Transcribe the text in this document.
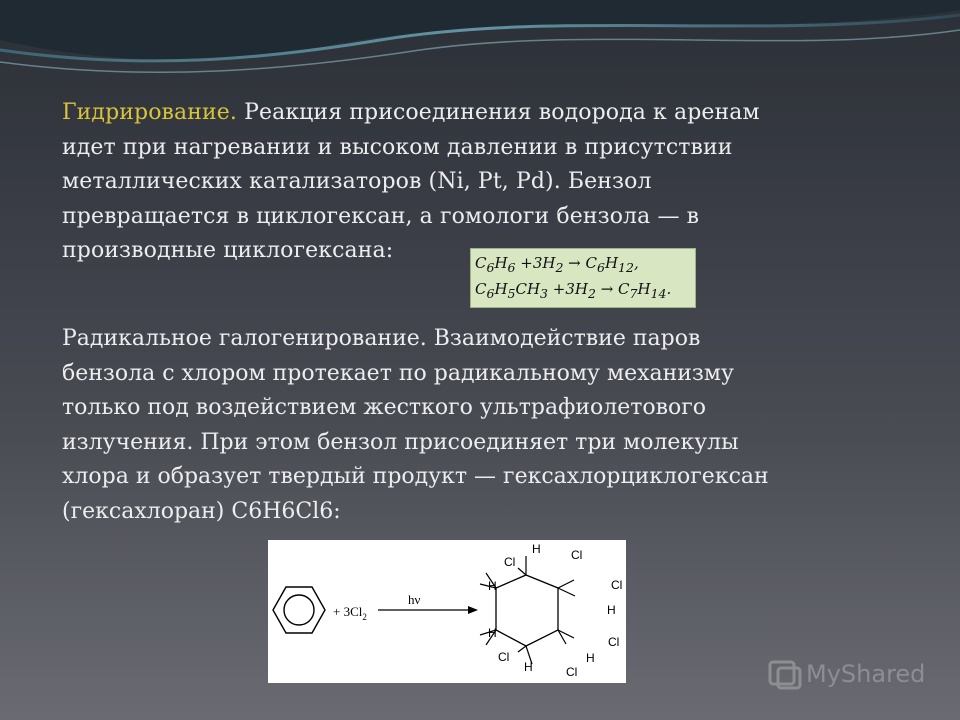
Гидрирование. Реакция присоединения водорода к аренам
идет при нагревании и высоком давлении в присутствии
металлических катализаторов (Ni, Pt, Pd). Бензол
превращается в циклогексан, а гомологи бензола — в
производные циклогексана:	$C_6H_6 +3H_2 \to C_6H_{12}$,
$C_6H_5CH_3 +3H_2 \to C_7H_{14}$.
Радикальное галогенирование. Взаимодействие паров
бензола с хлором протекает по радикальному механизму
только под воздействием жесткого ультрафиолетового
излучения. При этом бензол присоединяет три молекулы
хлора и образует твердый продукт — гексахлорциклогексан
(гексахлоран) C6H6Cl6:
+ $3Cl_2$
hν
H
Cl	Cl
H	Cl
H
H
Cl
H
Cl
Cl
H	MyShared
